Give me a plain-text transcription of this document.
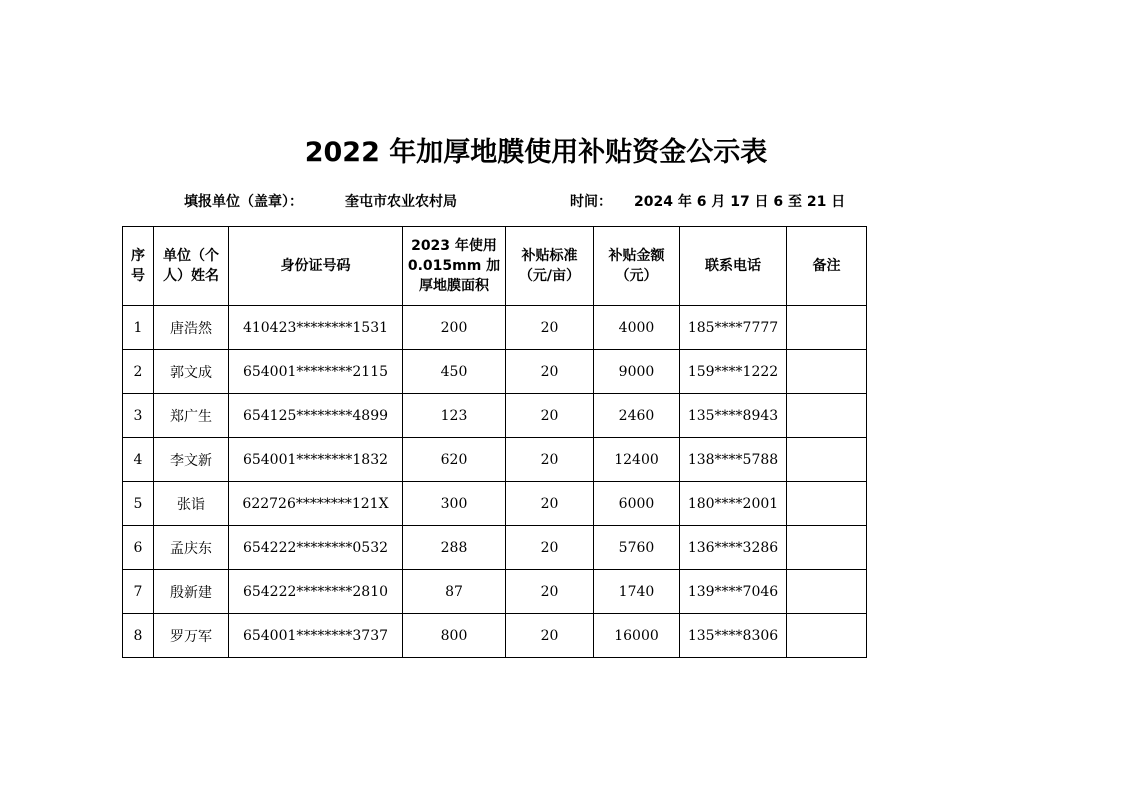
2022 年加厚地膜使用补贴资金公示表
填报单位（盖章）：	奎屯市农业农村局	时间： 2024 年 6 月 17 日 6 至 21 日
序
号	单位（个
人）姓名	身份证号码	2023 年使用
0.015mm 加
厚地膜面积	补贴标准
（元/亩）	补贴金额
（元）	联系电话	备注
1	唐浩然	410423********1531	200	20	4000	185****7777	
2	郭文成	654001********2115	450	20	9000	159****1222	
3	郑广生	654125********4899	123	20	2460	135****8943	
4	李文新	654001********1832	620	20	12400	138****5788	
5	张诣	622726********121X	300	20	6000	180****2001	
6	孟庆东	654222********0532	288	20	5760	136****3286	
7	殷新建	654222********2810	87	20	1740	139****7046	
8	罗万军	654001********3737	800	20	16000	135****8306	
